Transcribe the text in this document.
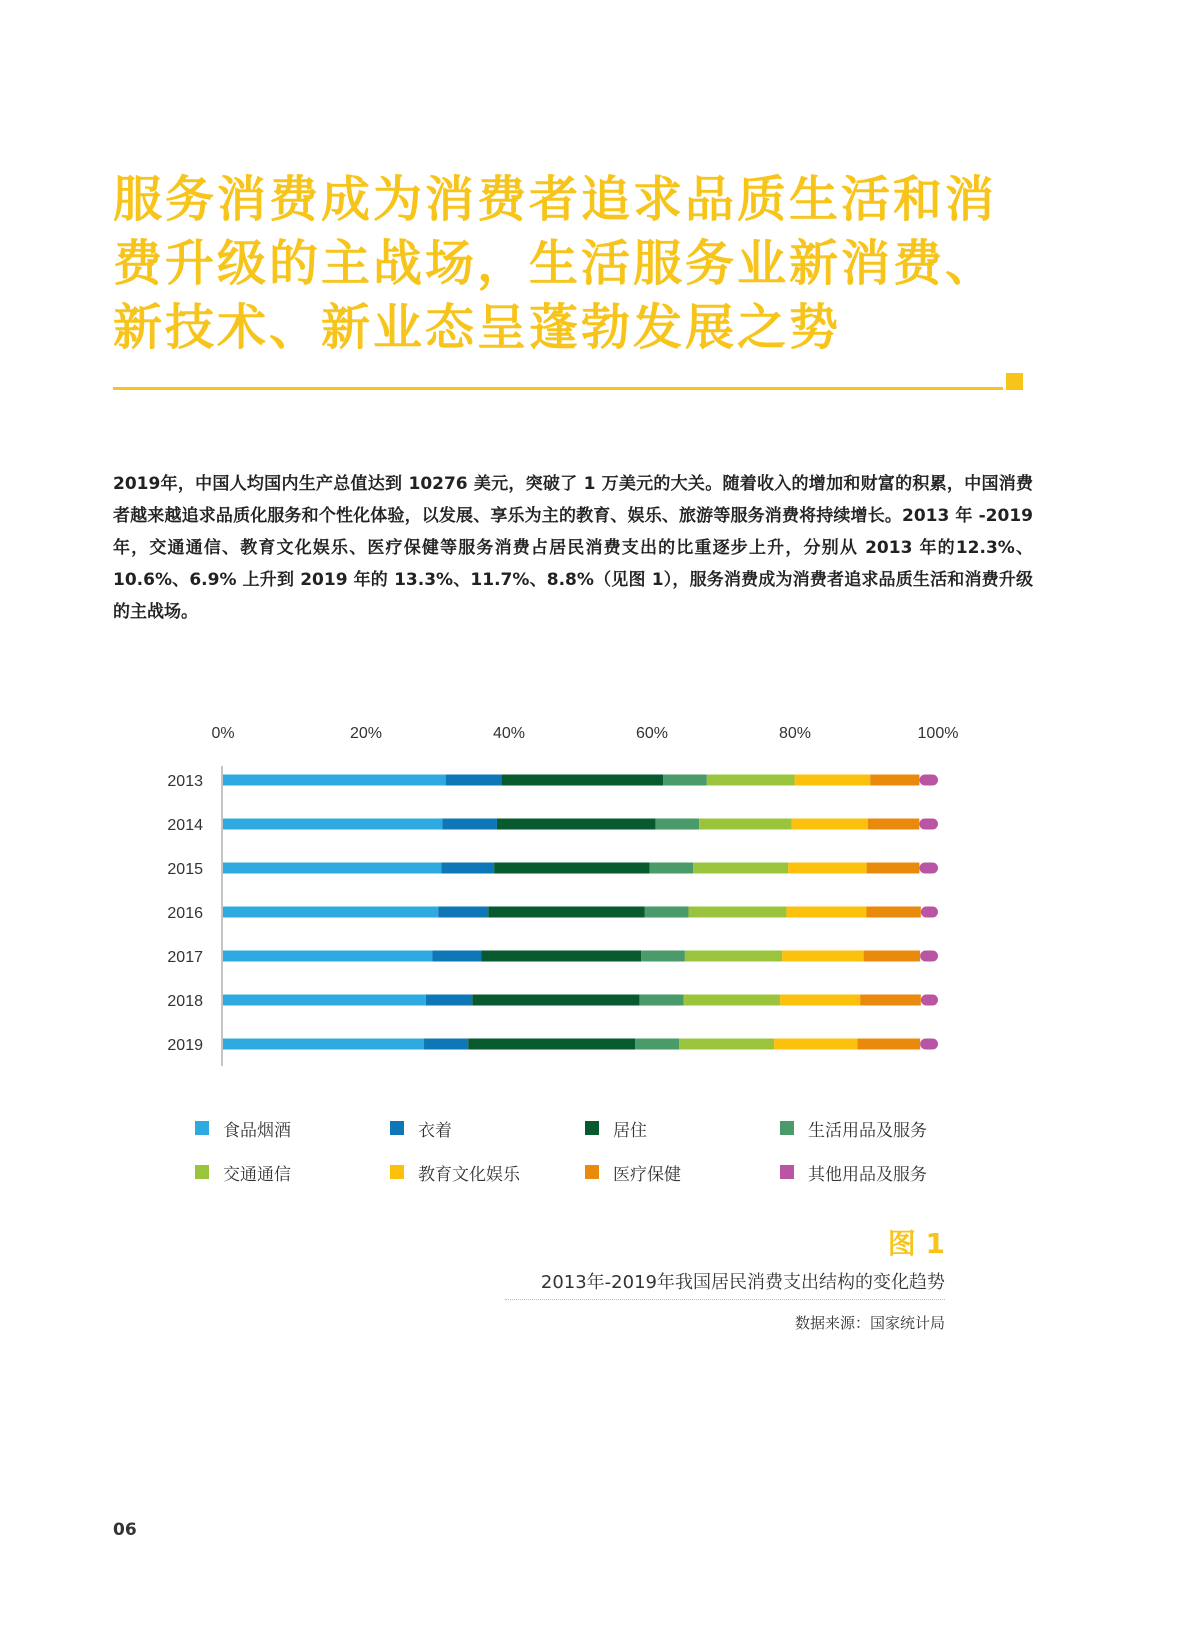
服务消费成为消费者追求品质生活和消
费升级的主战场，生活服务业新消费、
新技术、新业态呈蓬勃发展之势

2019年，中国人均国内生产总值达到 10276 美元，突破了 1 万美元的大关。随着收入的增加和财富的积累，中国消费者越来越追求品质化服务和个性化体验，以发展、享乐为主的教育、娱乐、旅游等服务消费将持续增长。2013 年 -2019 年，交通通信、教育文化娱乐、医疗保健等服务消费占居民消费支出的比重逐步上升，分别从 2013 年的12.3%、10.6%、6.9% 上升到 2019 年的 13.3%、11.7%、8.8%（见图 1），服务消费成为消费者追求品质生活和消费升级的主战场。

0%	20%	40%	60%	80%	100%
2013
2014
2015
2016
2017
2018
2019
食品烟酒	衣着	居住	生活用品及服务
交通通信	教育文化娱乐	医疗保健	其他用品及服务
图 1
2013年-2019年我国居民消费支出结构的变化趋势
数据来源：国家统计局
06
